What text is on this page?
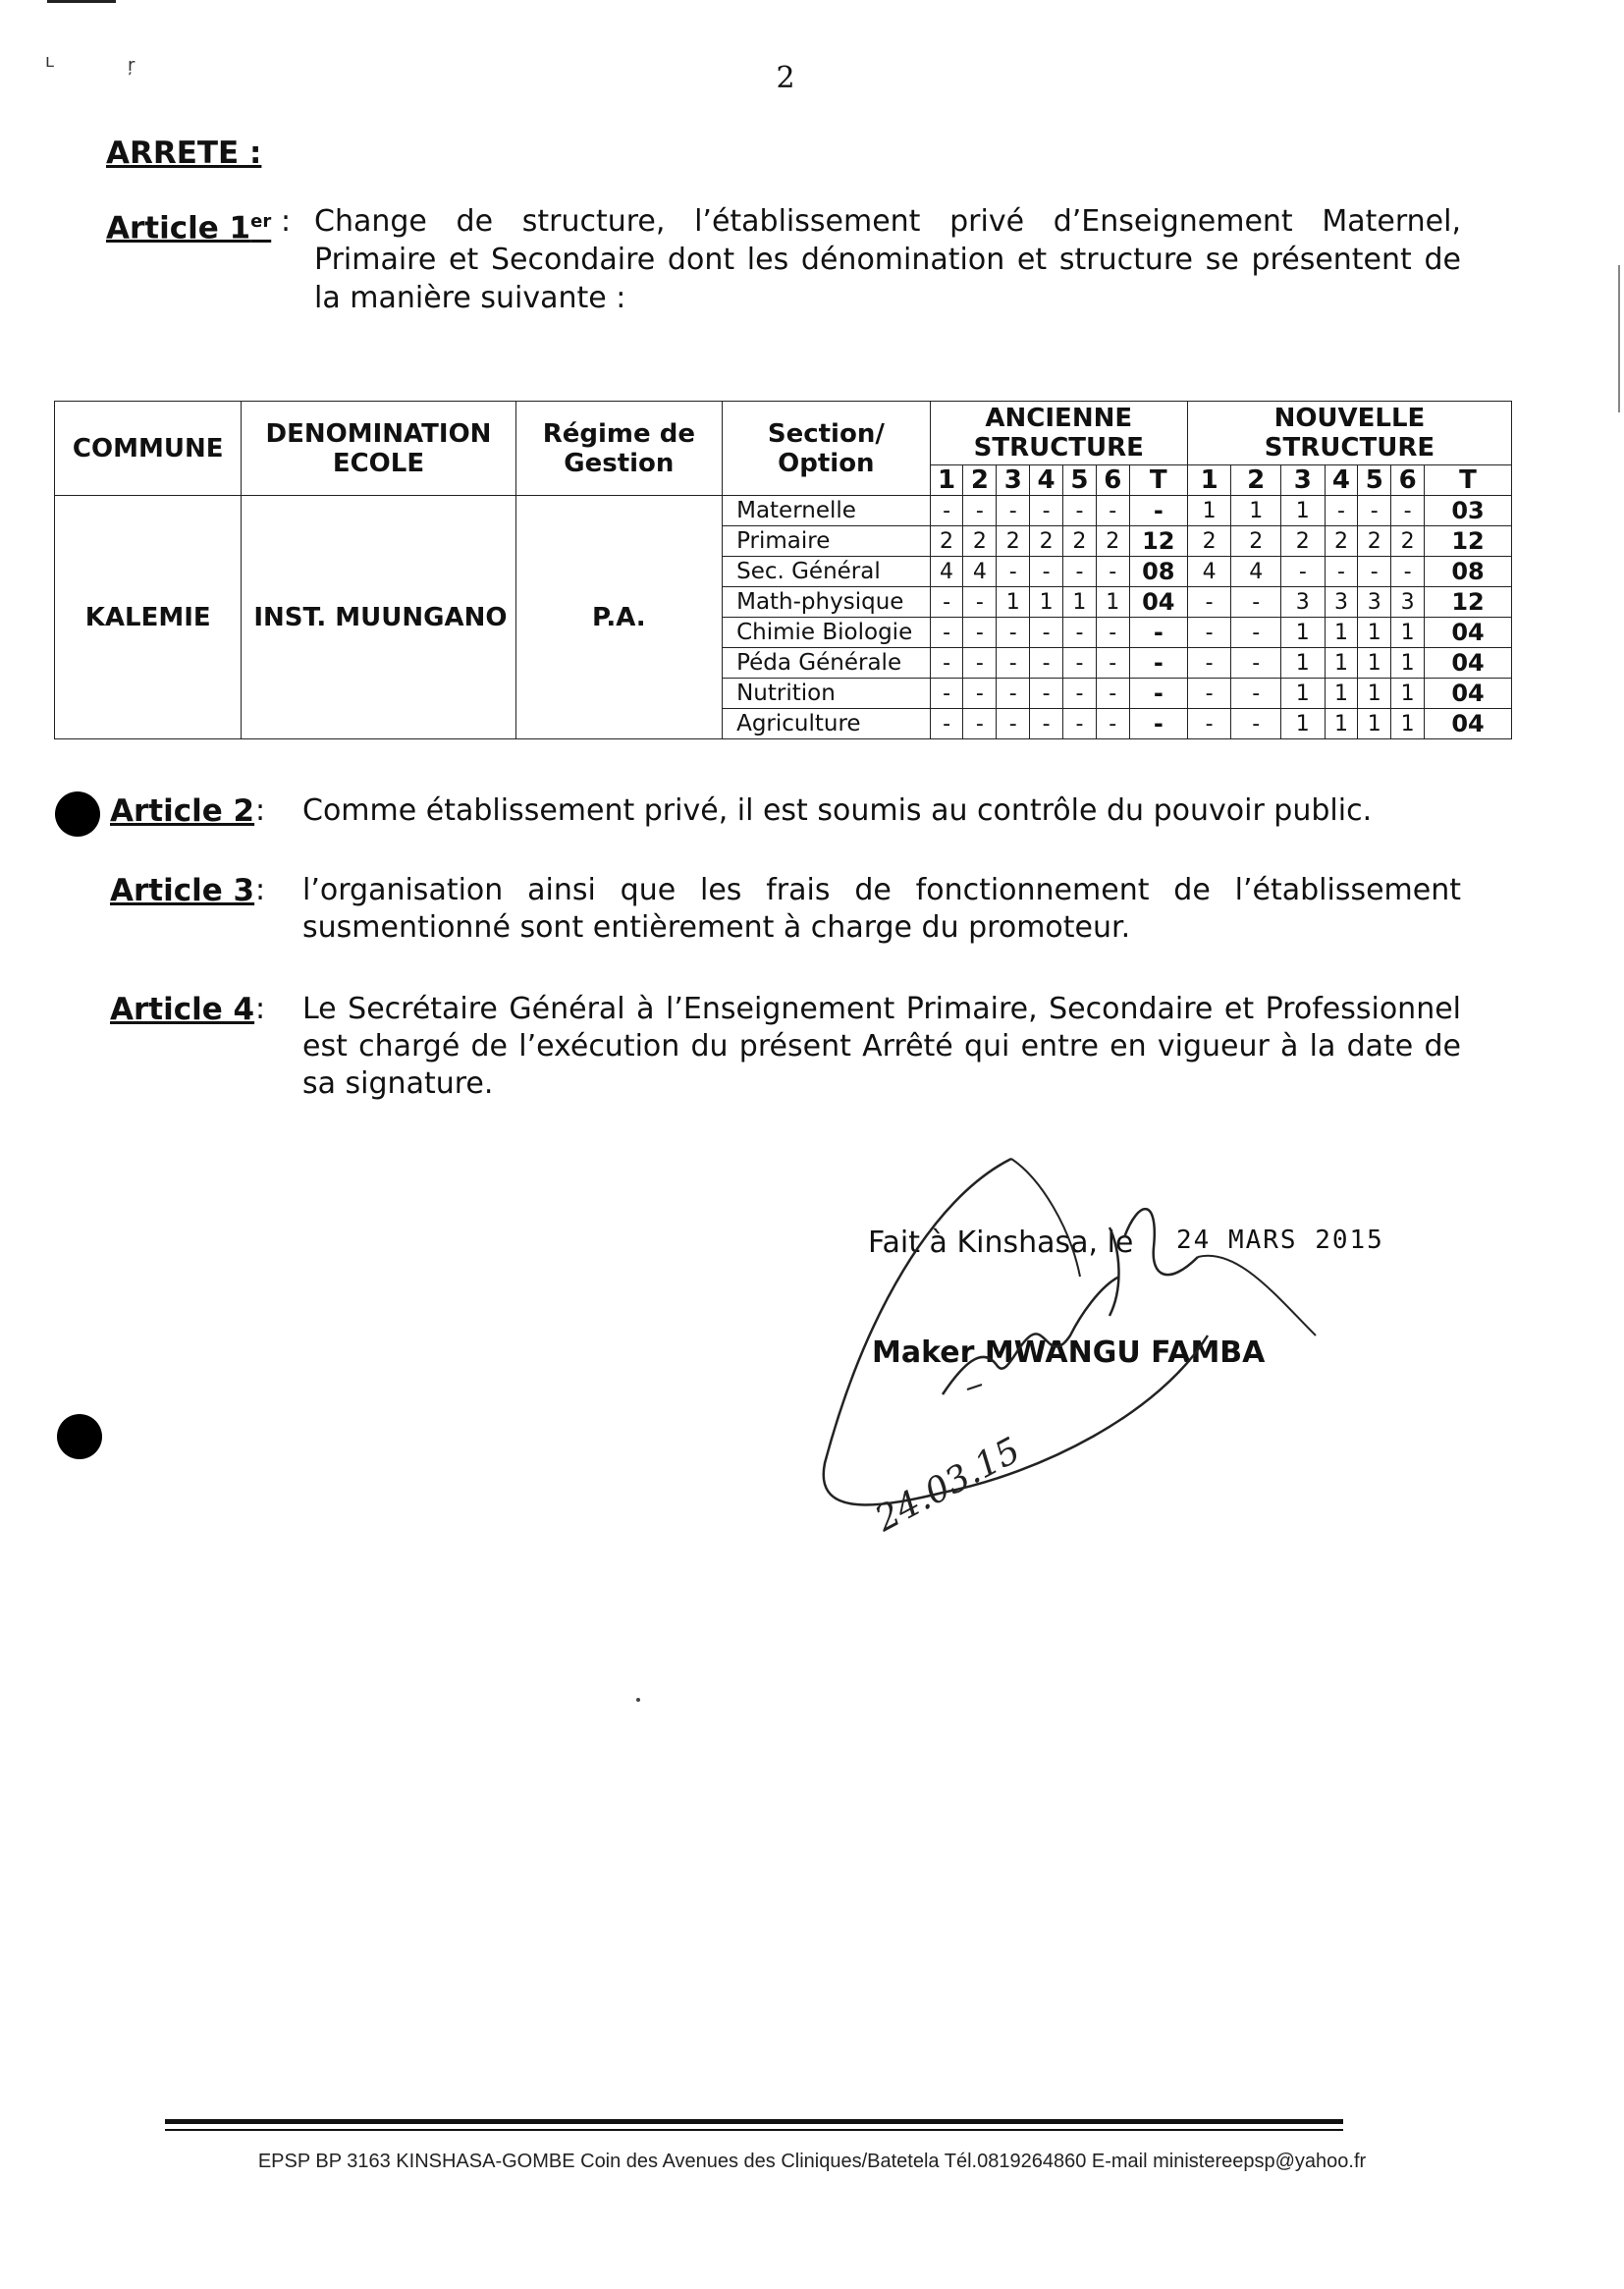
ʟ	ŗ	2
ARRETE :
Article 1er : Change de structure, l’établissement privé d’Enseignement Maternel, Primaire et Secondaire dont les dénomination et structure se présentent de la manière suivante :
COMMUNE	DENOMINATION ECOLE	Régime de Gestion	Section/ Option	ANCIENNE STRUCTURE							NOUVELLE STRUCTURE						
				1	2	3	4	5	6	T	1	2	3	4	5	6	T
KALEMIE	INST. MUUNGANO	P.A.	Maternelle	-	-	-	-	-	-	-	1	1	1	-	-	-	03
			Primaire	2	2	2	2	2	2	12	2	2	2	2	2	2	12
			Sec. Général	4	4	-	-	-	-	08	4	4	-	-	-	-	08
			Math-physique	-	-	1	1	1	1	04	-	-	3	3	3	3	12
			Chimie Biologie	-	-	-	-	-	-	-	-	-	1	1	1	1	04
			Péda Générale	-	-	-	-	-	-	-	-	-	1	1	1	1	04
			Nutrition	-	-	-	-	-	-	-	-	-	1	1	1	1	04
			Agriculture	-	-	-	-	-	-	-	-	-	1	1	1	1	04
Article 2 : Comme établissement privé, il est soumis au contrôle du pouvoir public.
Article 3 : l’organisation ainsi que les frais de fonctionnement de l’établissement susmentionné sont entièrement à charge du promoteur.
Article 4 : Le Secrétaire Général à l’Enseignement Primaire, Secondaire et Professionnel est chargé de l’exécution du présent Arrêté qui entre en vigueur à la date de sa signature.
Fait à Kinshasa, le 24 MARS 2015
Maker MWANGU FAMBA
24.03.15
EPSP BP 3163 KINSHASA-GOMBE Coin des Avenues des Cliniques/Batetela Tél.0819264860 E-mail ministereepsp@yahoo.fr
